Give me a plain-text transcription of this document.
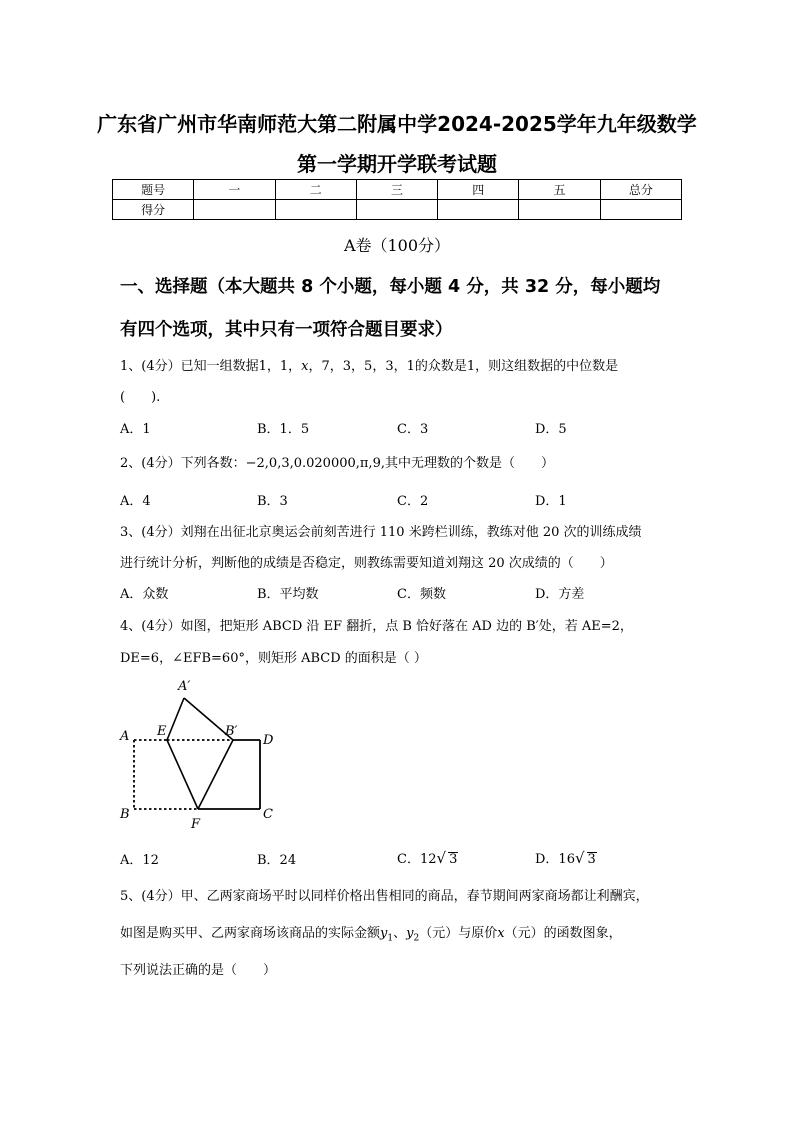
广东省广州市华南师范大第二附属中学2024-2025学年九年级数学
第一学期开学联考试题
题号	一	二	三	四	五	总分
得分						
A卷（100分）
一、选择题（本大题共 8 个小题，每小题 4 分，共 32 分，每小题均
有四个选项，其中只有一项符合题目要求）
1、(4分）已知一组数据1，1，x，7，3，5，3，1的众数是1，则这组数据的中位数是
(　　).
A．1	B．1．5	C．3	D．5
2、(4分）下列各数：−2,0,3,0.020000,π,9,其中无理数的个数是（　　）
A．4	B．3	C．2	D．1
3、(4分）刘翔在出征北京奥运会前刻苦进行 110 米跨栏训练，教练对他 20 次的训练成绩
进行统计分析，判断他的成绩是否稳定，则教练需要知道刘翔这 20 次成绩的（　　）
A．众数	B．平均数	C．频数	D．方差
4、(4分）如图，把矩形 ABCD 沿 EF 翻折，点 B 恰好落在 AD 边的 B′处，若 AE=2，
DE=6，∠EFB=60°，则矩形 ABCD 的面积是（ ）
A′
A E	B′
D
B
F
C
A．12	B．24	C．12√ 3	D．16√ 3
5、(4分）甲、乙两家商场平时以同样价格出售相同的商品，春节期间两家商场都让利酬宾，
如图是购买甲、乙两家商场该商品的实际金额$y_1$、$y_2$（元）与原价x（元）的函数图象，
下列说法正确的是（　　）
